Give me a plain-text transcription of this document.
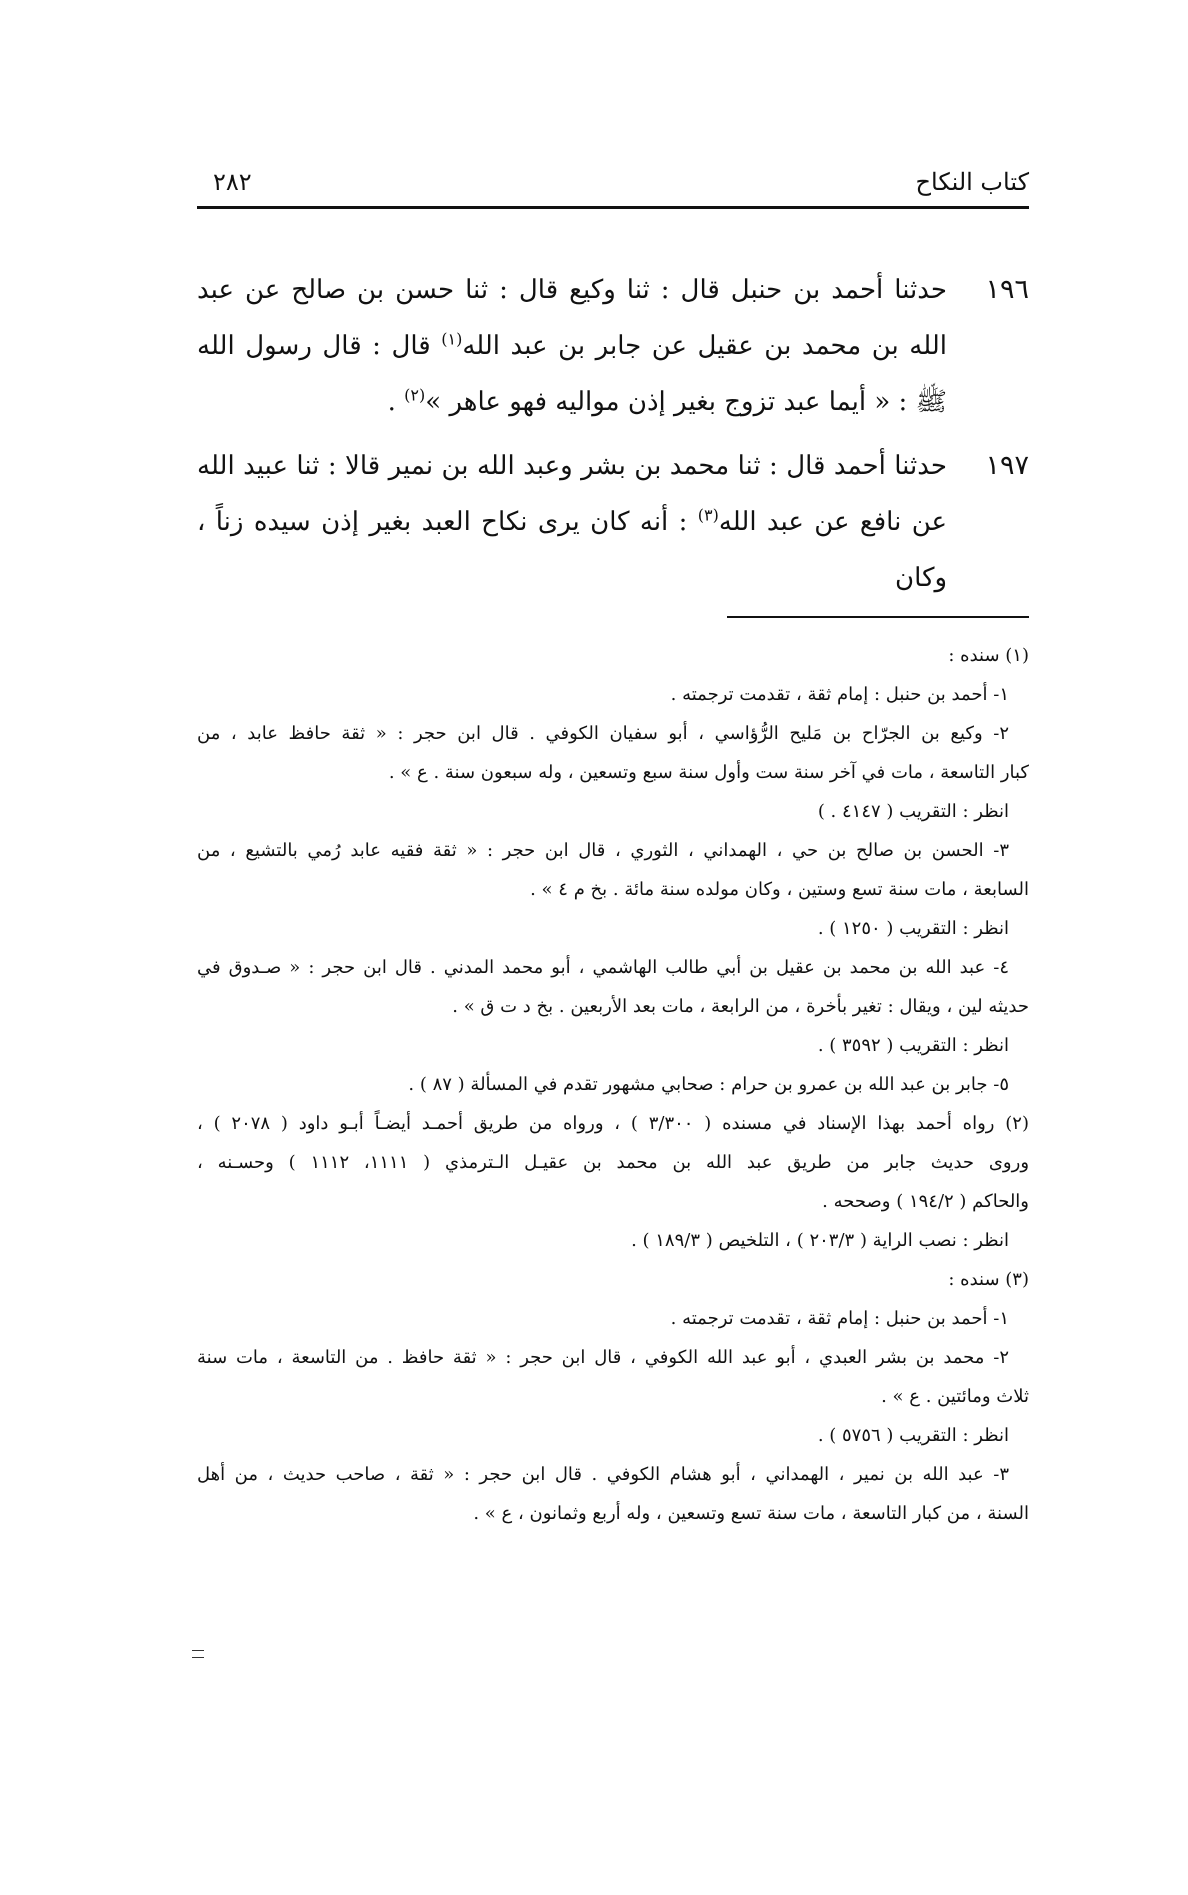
كتاب النكاح
٢٨٢
١٩٦
حدثنا أحمد بن حنبل قال : ثنا وكيع قال : ثنا حسن بن صالح عن عبد الله بن محمد بن عقيل عن جابر بن عبد الله$^{(١)}$ قال : قال رسول الله ﷺ : « أيما عبد تزوج بغير إذن مواليه فهو عاهر »$^{(٢)}$ .
١٩٧
حدثنا أحمد قال : ثنا محمد بن بشر وعبد الله بن نمير قالا : ثنا عبيد الله عن نافع عن عبد الله$^{(٣)}$ : أنه كان يرى نكاح العبد بغير إذن سيده زناً ، وكان
(١) سنده :
١- أحمد بن حنبل : إمام ثقة ، تقدمت ترجمته .
٢- وكيع بن الجرّاح بن مَليح الرُّؤاسي ، أبو سفيان الكوفي . قال ابن حجر : « ثقة حافظ عابد ، من
كبار التاسعة ، مات في آخر سنة ست وأول سنة سبع وتسعين ، وله سبعون سنة . ع » .
انظر : التقريب ( ٤١٤٧ . )
٣- الحسن بن صالح بن حي ، الهمداني ، الثوري ، قال ابن حجر : « ثقة فقيه عابد رُمي بالتشيع ، من
السابعة ، مات سنة تسع وستين ، وكان مولده سنة مائة . بخ م ٤ » .
انظر : التقريب ( ١٢٥٠ ) .
٤- عبد الله بن محمد بن عقيل بن أبي طالب الهاشمي ، أبو محمد المدني . قال ابن حجر : « صـدوق في
حديثه لين ، ويقال : تغير بأخرة ، من الرابعة ، مات بعد الأربعين . بخ د ت ق » .
انظر : التقريب ( ٣٥٩٢ ) .
٥- جابر بن عبد الله بن عمرو بن حرام : صحابي مشهور تقدم في المسألة ( ٨٧ ) .
(٢) رواه أحمد بهذا الإسناد في مسنده ( ٣/٣٠٠ ) ، ورواه من طريق أحمـد أيضـاً أبـو داود ( ٢٠٧٨ ) ،
وروى حديث جابر من طريق عبد الله بن محمد بن عقيـل الـترمذي ( ١١١١، ١١١٢ ) وحسـنه ،
والحاكم ( ١٩٤/٢ ) وصححه .
انظر : نصب الراية ( ٢٠٣/٣ ) ، التلخيص ( ١٨٩/٣ ) .
(٣) سنده :
١- أحمد بن حنبل : إمام ثقة ، تقدمت ترجمته .
٢- محمد بن بشر العبدي ، أبو عبد الله الكوفي ، قال ابن حجر : « ثقة حافظ . من التاسعة ، مات سنة
ثلاث ومائتين . ع » .
انظر : التقريب ( ٥٧٥٦ ) .
٣- عبد الله بن نمير ، الهمداني ، أبو هشام الكوفي . قال ابن حجر : « ثقة ، صاحب حديث ، من أهل
السنة ، من كبار التاسعة ، مات سنة تسع وتسعين ، وله أربع وثمانون ، ع » .
